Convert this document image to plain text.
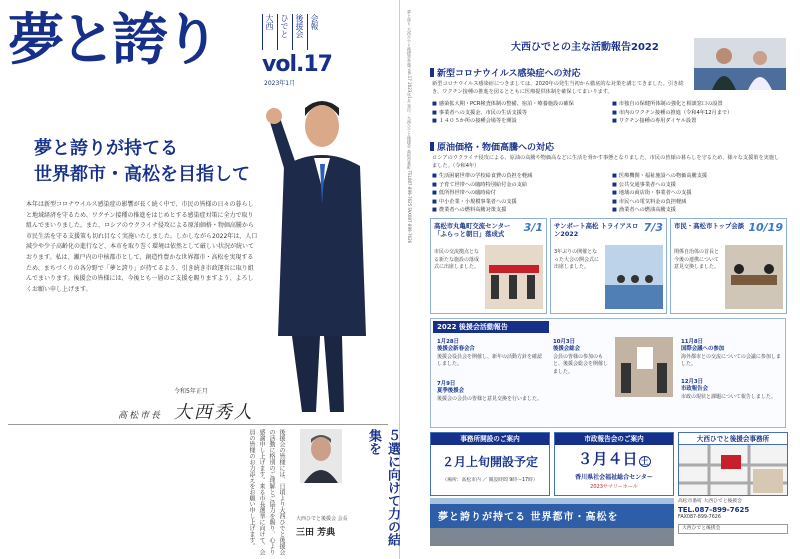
夢と誇り	大西 ひでと 後援会 会報
vol.17
2023年1月
夢と誇りが持てる
世界都市・高松を目指して
本年は新型コロナウイルス感染症の影響が長く続く中で、市民の皆様の日々の暮らしと地域経済を守るため、ワクチン接種の推進をはじめとする感染症対策に全力で取り組んでまいりました。また、ロシアのウクライナ侵攻による原油価格・物価高騰から市民生活を守る支援策も切れ目なく実施いたしました。しかしながら2022年は、人口減少や少子高齢化の進行など、本市を取り巻く環境は依然として厳しい状況が続いております。私は、瀬戸内の中核都市として、創造性豊かな世界都市・高松を実現するため、まちづくりの各分野で「夢と誇り」が持てるよう、引き続き市政運営に取り組んでまいります。後援会の皆様には、今後とも一層のご支援を賜りますよう、よろしくお願い申し上げます。
令和5年正月
高松市長 大西秀人
後援会の皆様には、日頃より大西ひでと後援会の活動に格別のご理解とご協力を賜り、心より感謝申し上げます。来る市長選挙に向けて、会員の皆様のお力添えをお願い申し上げます。	大西ひでと後援会 会長
三田 芳典	５選に向けて力の結集を
夢と誇り 大西ひでと後援会会報 vol.17 2023年1月 発行：大西ひでと後援会 高松市番町 TEL087-899-7625 FAX087-899-7626	大西ひでとの主な活動報告2022
新型コロナウイルス感染症への対応
新型コロナウイルス感染症につきましては、2020年の発生当初から徹底的な対策を講じてきました。引き続き、ワクチン接種の推進を図るとともに医療提供体制を確保してまいります。
■ 感染拡大期・PCR検査体制の整備、宿泊・療養施設の確保
■ 事業者への支援金、市民の生活支援等
■ １４０５か所の接種会場等を開設
■ 市独自の保健所体制の強化と相談窓口の設置
■ 市内のワクチン接種の推進（令和4年12月まで）
■ ワクチン接種の専用ダイヤル設置
原油価格・物価高騰への対応
ロシアのウクライナ侵攻による、原油の高騰や物価高などに生活を脅かす事態となりました。市民の皆様の暮らしを守るため、様々な支援策を実施しました。（令和4年）
■ 生活困窮世帯の学校給食費の負担を軽減
■ 子育て世帯への臨時特別給付金の支給
■ 低所得世帯への臨時給付
■ 中小企業・小規模事業者への支援
■ 農業者への燃料高騰対策支援
■ 医療機関・福祉施設への物価高騰支援
■ 公共交通事業者への支援
■ 地域の商店街・事業者への支援
■ 市民への電気料金の負担軽減
■ 漁業者への燃油高騰支援
高松市丸亀町交流センター「ふらっと朝日」落成式	3/1
市民の交流拠点となる新たな施設の落成式に出席しました。
サンポート高松 トライアスロン2022	7/3
3年ぶりの開催となった大会の開会式に出席しました。
市民・高松市トップ会談 10/19
関係自治体の首長と今後の連携について意見交換しました。
2022 後援会活動報告
1月28日
後援会新春会合
後援会役員会を開催し、新年の活動方針を確認しました。
7月9日
夏季後援会
後援会の会員の皆様と意見交換を行いました。
10月3日
後援会総会
会員の皆様の参加のもと、後援会総会を開催しました。
11月8日
国際会議への参加
海外都市との交流についての会議に参加しました。
12月3日
市政報告会
市政の現状と課題について報告しました。
事務所開設のご案内
２月上旬開設予定
（場所：高松市内 ／ 開設時間 9時〜17時）
市政報告会のご案内
３月４日 土
香川県社会福祉総合センター
2023サマリーホール
大西ひでと後援会事務所
夢と誇りが持てる 世界都市・高松を
高松市番町 大西ひでと後援会
TEL.087-899-7625
FAX087-899-7626
大西ひでと後援会
